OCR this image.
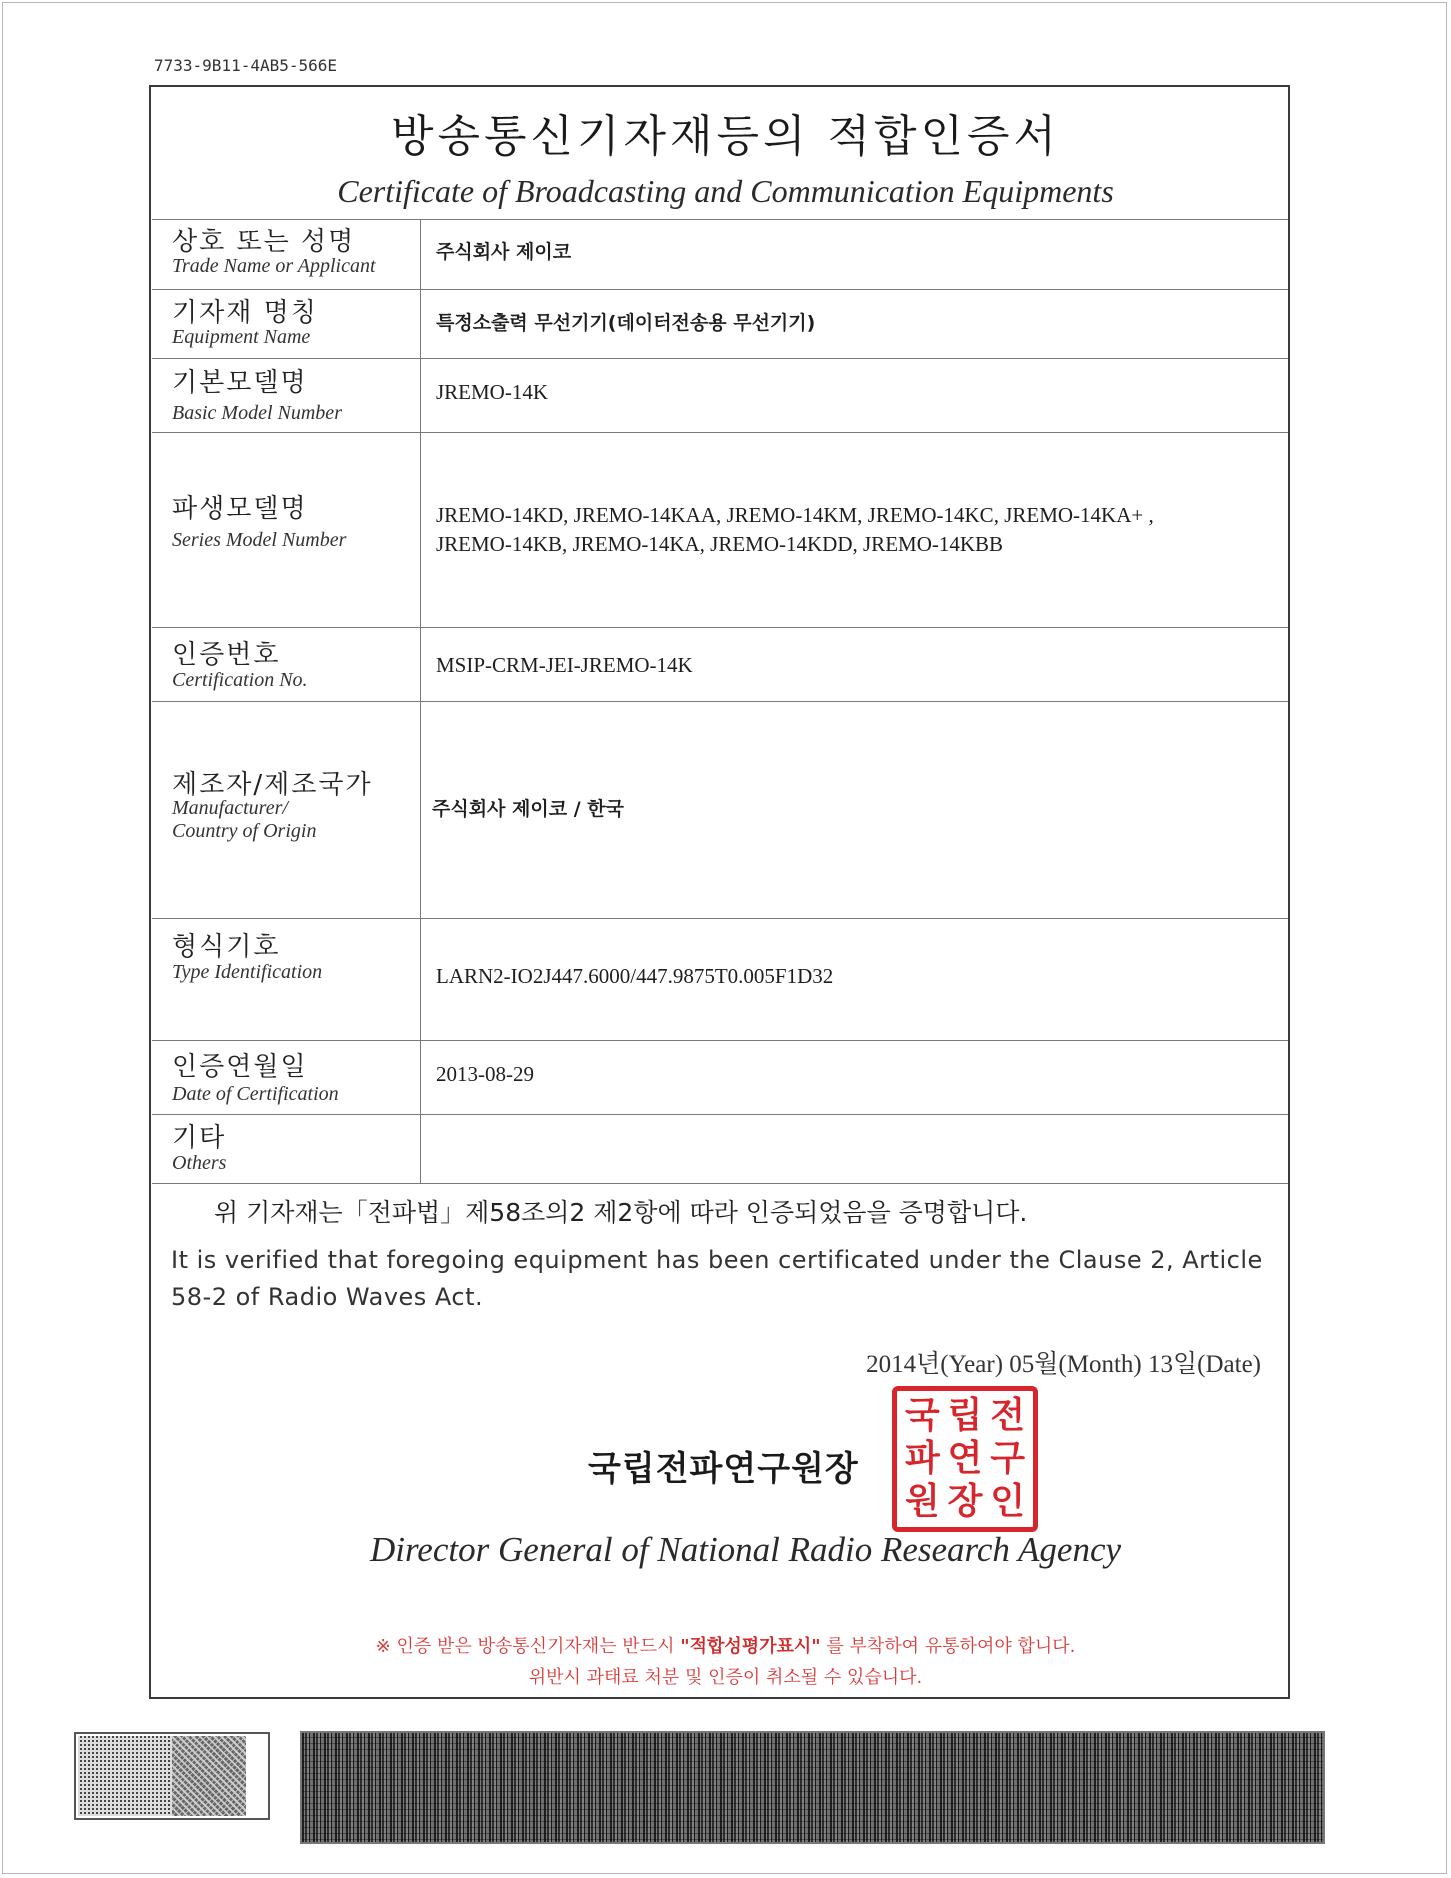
7733-9B11-4AB5-566E
방송통신기자재등의 적합인증서
Certificate of Broadcasting and Communication Equipments
상호 또는 성명
Trade Name or Applicant
주식회사 제이코
기자재 명칭
Equipment Name
특정소출력 무선기기(데이터전송용 무선기기)
기본모델명
Basic Model Number
JREMO-14K
파생모델명
Series Model Number
JREMO-14KD, JREMO-14KAA, JREMO-14KM, JREMO-14KC, JREMO-14KA+ ,
JREMO-14KB, JREMO-14KA, JREMO-14KDD, JREMO-14KBB
인증번호
Certification No.
MSIP-CRM-JEI-JREMO-14K
제조자/제조국가
Manufacturer/
Country of Origin
주식회사 제이코 / 한국
형식기호
Type Identification	LARN2-IO2J447.6000/447.9875T0.005F1D32
인증연월일
Date of Certification
2013-08-29
기타
Others
위 기자재는「전파법」제58조의2 제2항에 따라 인증되었음을 증명합니다.
It is verified that foregoing equipment has been certificated under the Clause 2, Article 58-2 of Radio Waves Act.
2014년(Year) 05월(Month) 13일(Date)
국립전파연구원장
국 립 전
파 연 구
원 장 인
Director General of National Radio Research Agency
※ 인증 받은 방송통신기자재는 반드시 "적합성평가표시" 를 부착하여 유통하여야 합니다.
위반시 과태료 처분 및 인증이 취소될 수 있습니다.
